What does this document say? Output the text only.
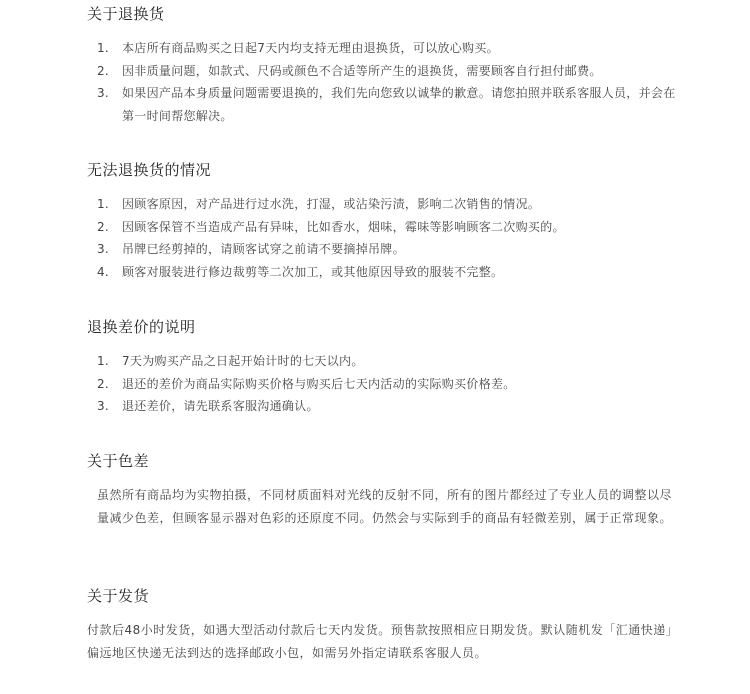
关于退换货
1. 本店所有商品购买之日起7天内均支持无理由退换货，可以放心购买。
2. 因非质量问题，如款式、尺码或颜色不合适等所产生的退换货，需要顾客自行担付邮费。
3. 如果因产品本身质量问题需要退换的，我们先向您致以诚挚的歉意。请您拍照并联系客服人员，并会在第一时间帮您解决。
无法退换货的情况
1. 因顾客原因，对产品进行过水洗，打湿，或沾染污渍，影响二次销售的情况。
2. 因顾客保管不当造成产品有异味，比如香水，烟味，霉味等影响顾客二次购买的。
3. 吊牌已经剪掉的，请顾客试穿之前请不要摘掉吊牌。
4. 顾客对服装进行修边裁剪等二次加工，或其他原因导致的服装不完整。
退换差价的说明
1. 7天为购买产品之日起开始计时的七天以内。
2. 退还的差价为商品实际购买价格与购买后七天内活动的实际购买价格差。
3. 退还差价，请先联系客服沟通确认。
关于色差

虽然所有商品均为实物拍摄，不同材质面料对光线的反射不同，所有的图片都经过了专业人员的调整以尽量减少色差，但顾客显示器对色彩的还原度不同。仍然会与实际到手的商品有轻微差别，属于正常现象。

关于发货

付款后48小时发货，如遇大型活动付款后七天内发货。预售款按照相应日期发货。默认随机发「汇通快递」偏远地区快递无法到达的选择邮政小包，如需另外指定请联系客服人员。
